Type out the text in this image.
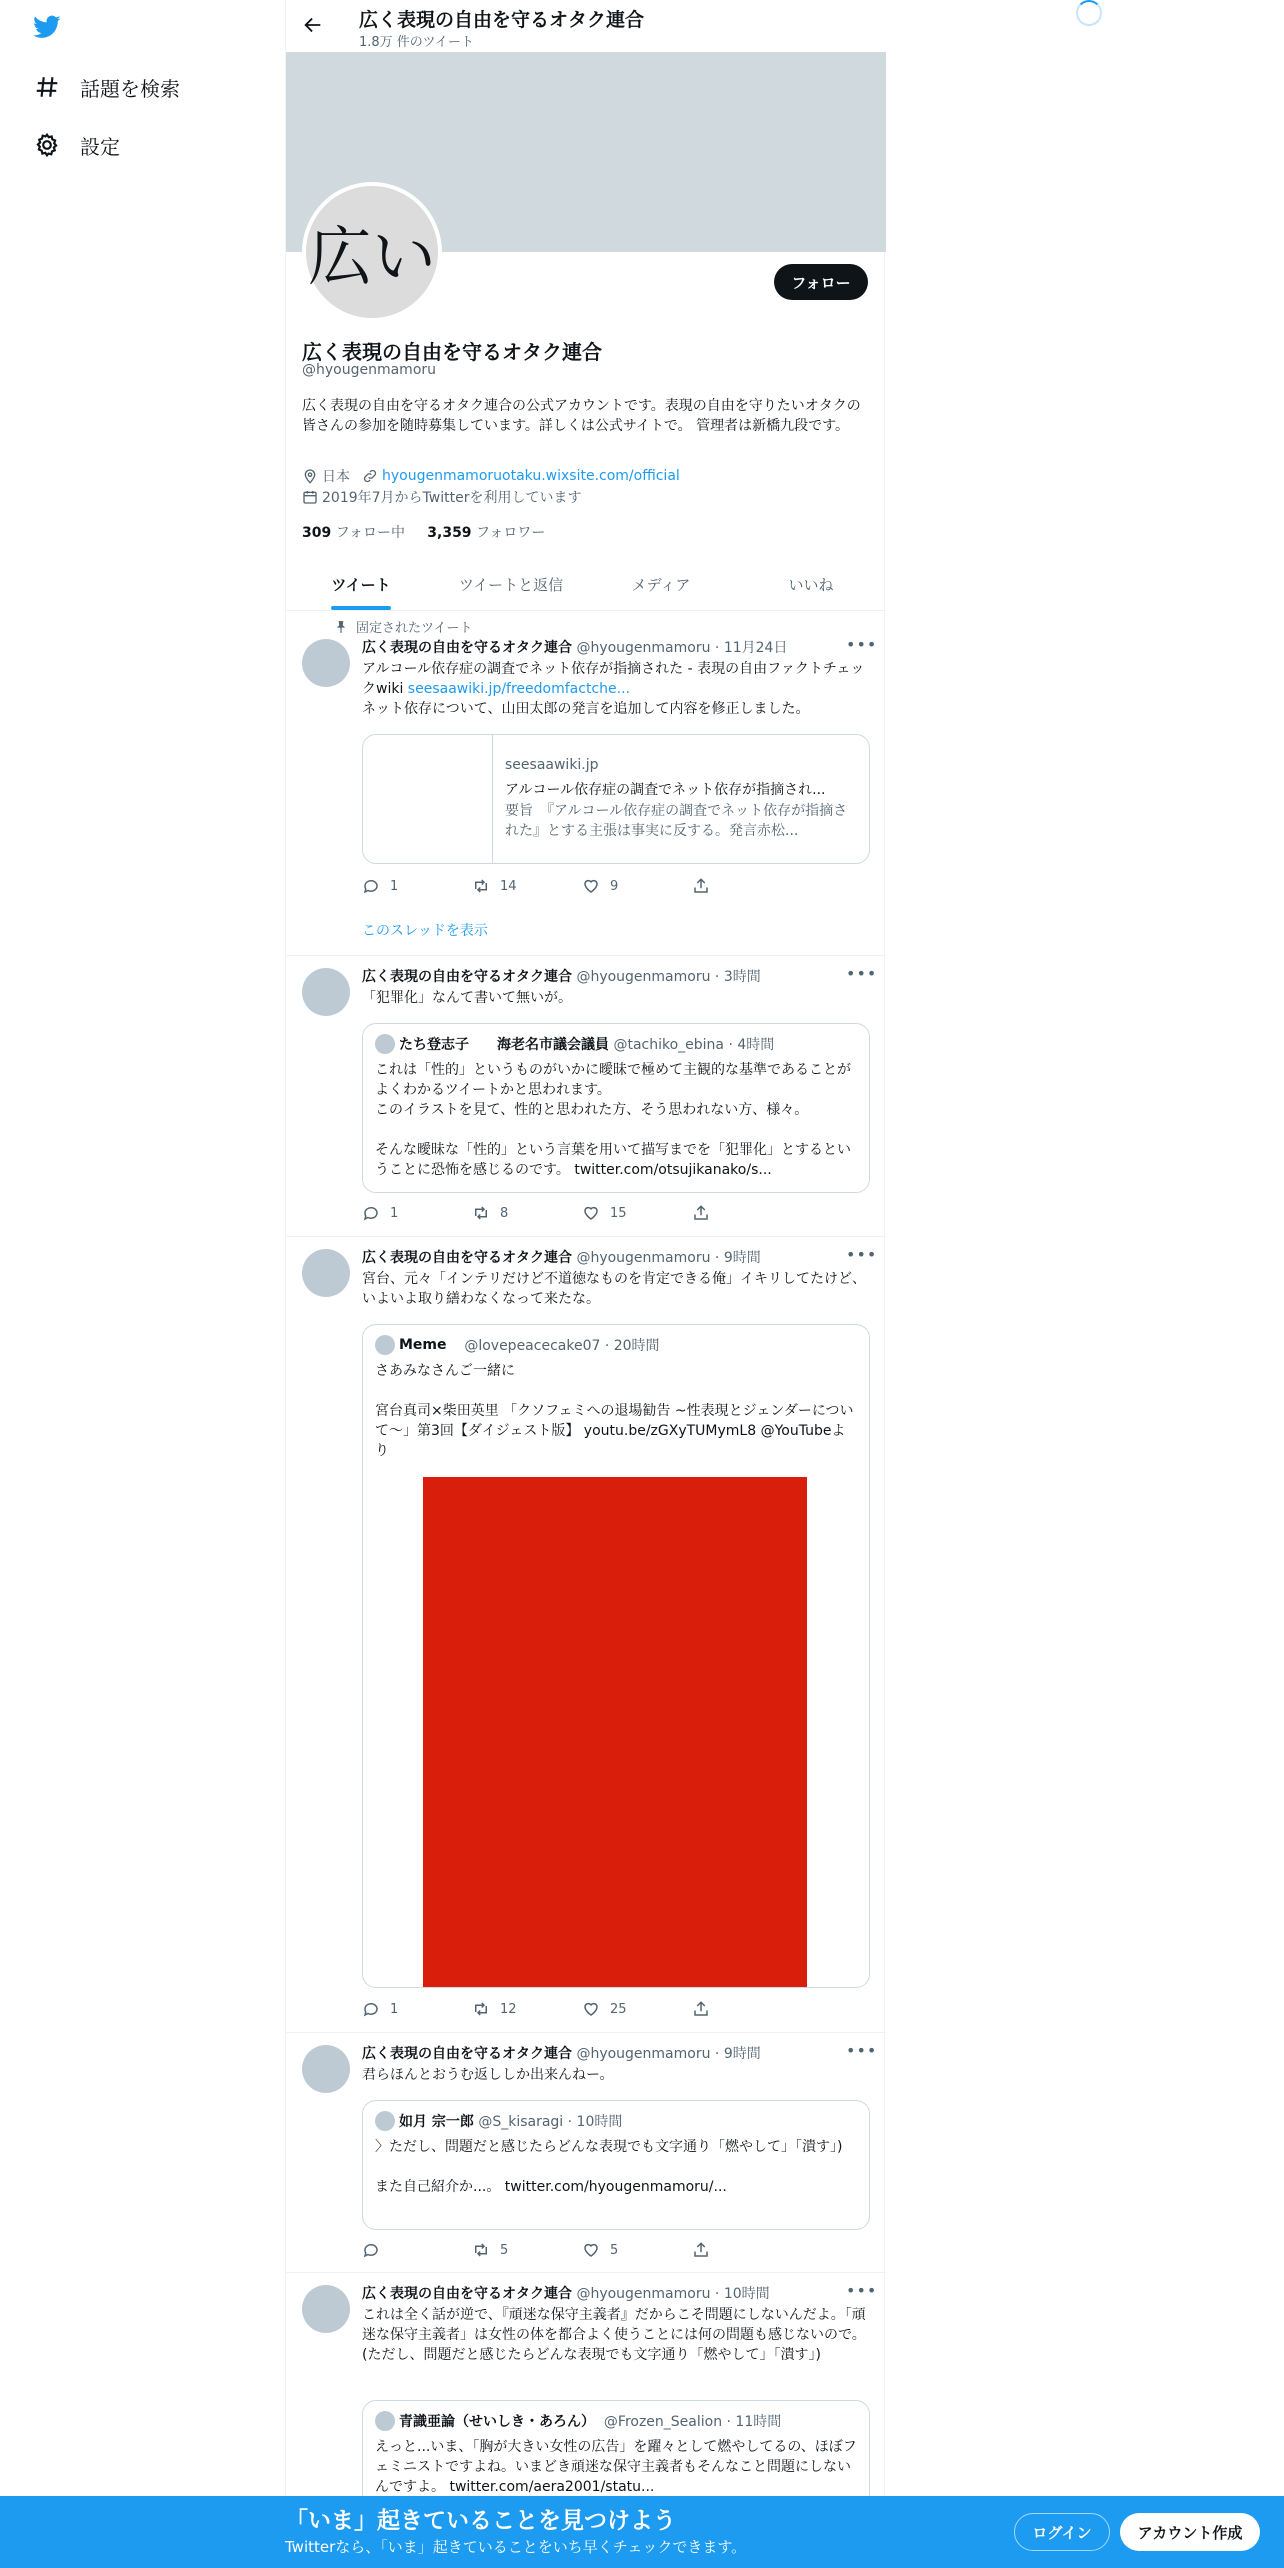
話題を検索
設定
広く表現の自由を守るオタク連合
1.8万 件のツイート
広い	フォロー
広く表現の自由を守るオタク連合
@hyougenmamoru
広く表現の自由を守るオタク連合の公式アカウントです。表現の自由を守りたいオタクの皆さんの参加を随時募集しています。詳しくは公式サイトで。 管理者は新橋九段です。
日本 hyougenmamoruotaku.wixsite.com/official
2019年7月からTwitterを利用しています
309 フォロー中 3,359 フォロワー
ツイート	ツイートと返信	メディア	いいね
固定されたツイート
広く表現の自由を守るオタク連合 @hyougenmamoru · 11月24日	•••
アルコール依存症の調査でネット依存が指摘された - 表現の自由ファクトチェックwiki seesaawiki.jp/freedomfactche...
ネット依存について、山田太郎の発言を追加して内容を修正しました。
seesaawiki.jp
アルコール依存症の調査でネット依存が指摘され...
要旨　『アルコール依存症の調査でネット依存が指摘された』とする主張は事実に反する。発言赤松...
1	14	9
このスレッドを表示
広く表現の自由を守るオタク連合 @hyougenmamoru · 3時間	•••
「犯罪化」なんて書いて無いが。
たち登志子　　海老名市議会議員
@tachiko_ebina · 4時間
これは「性的」というものがいかに曖昧で極めて主観的な基準であることがよくわかるツイートかと思われます。
このイラストを見て、性的と思われた方、そう思われない方、様々。

そんな曖昧な「性的」という言葉を用いて描写までを「犯罪化」とするということに恐怖を感じるのです。 twitter.com/otsujikanako/s...
1	8	15
広く表現の自由を守るオタク連合 @hyougenmamoru · 9時間	•••
宮台、元々「インテリだけど不道徳なものを肯定できる俺」イキリしてたけど、いよいよ取り繕わなくなって来たな。
Meme
@lovepeacecake07 · 20時間
さあみなさんご一緒に

宮台真司×柴田英里 「クソフェミへの退場勧告 ~性表現とジェンダーについて～」第3回【ダイジェスト版】 youtu.be/zGXyTUMymL8 @YouTubeより
1	12	25
広く表現の自由を守るオタク連合 @hyougenmamoru · 9時間	•••
君らほんとおうむ返ししか出来んねー。
如月 宗一郎
@S_kisaragi · 10時間
〉ただし、問題だと感じたらどんな表現でも文字通り「燃やして」「潰す」)

また自己紹介か...。 twitter.com/hyougenmamoru/...
5	5
広く表現の自由を守るオタク連合 @hyougenmamoru · 10時間	•••
これは全く話が逆で、『頑迷な保守主義者』だからこそ問題にしないんだよ。「頑迷な保守主義者」は女性の体を都合よく使うことには何の問題も感じないので。(ただし、問題だと感じたらどんな表現でも文字通り「燃やして」「潰す」)
青識亜論（せいしき・あろん）
@Frozen_Sealion · 11時間
えっと...いま、「胸が大きい女性の広告」を躍々として燃やしてるの、ほぼフェミニストですよね。いまどき頑迷な保守主義者もそんなこと問題にしないんですよ。 twitter.com/aera2001/statu...
「いま」起きていることを見つけよう
Twitterなら、「いま」起きていることをいち早くチェックできます。
ログイン	アカウント作成
